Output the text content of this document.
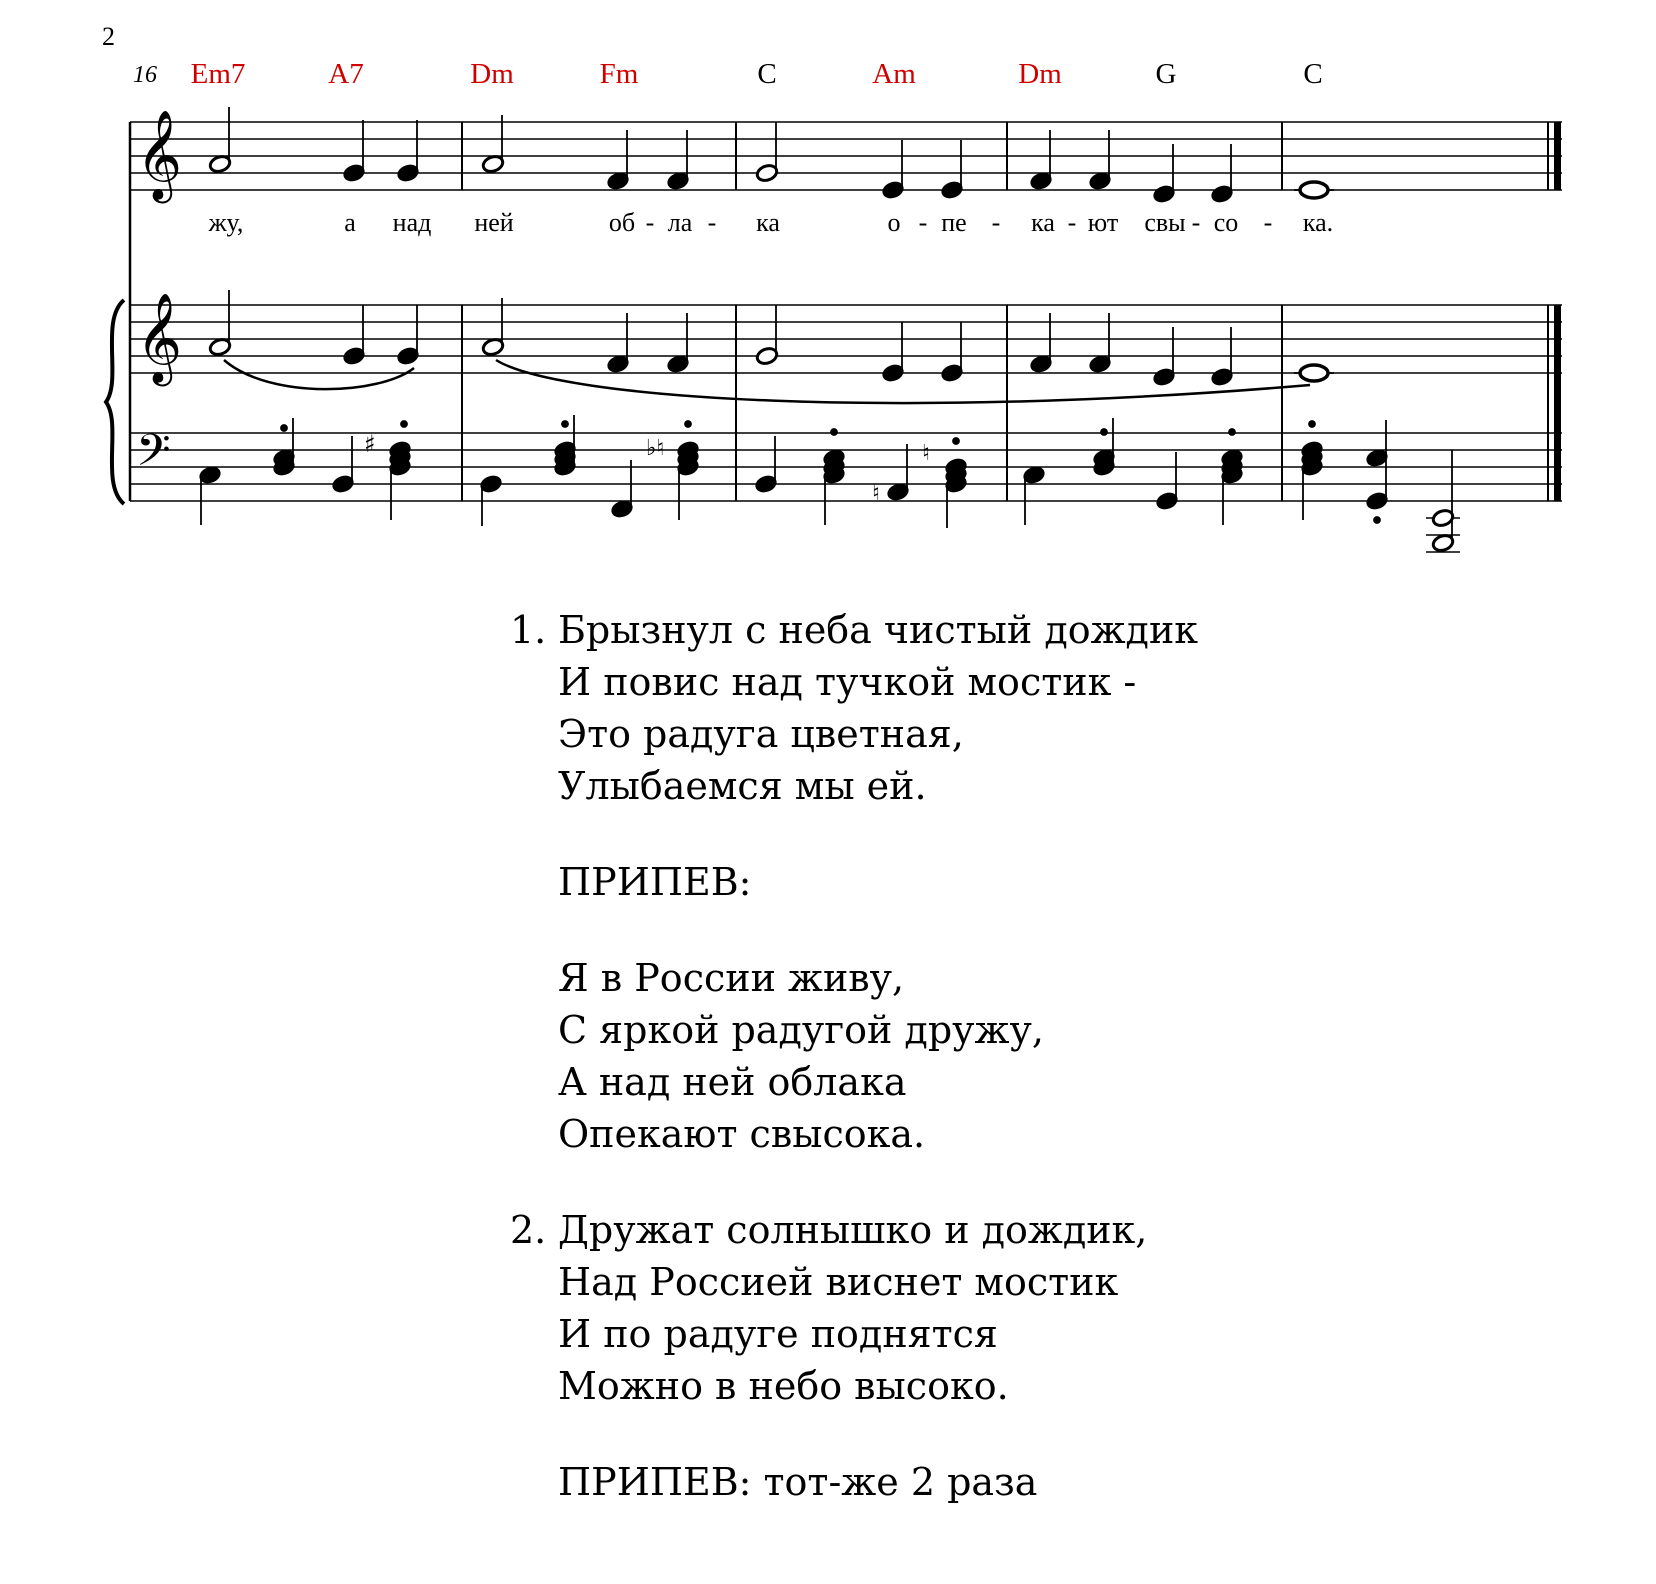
2
16 Em7	A7	Dm	Fm	C	Am	Dm	G	C
𝄞
𝄞
𝄢	♯	♭♮
♮
♮
жу,	а над ней	об - ла - ка	о - пе - ка - ют свы - со - ка.
1. Брызнул с неба чистый дождик
И повис над тучкой мостик -
Это радуга цветная,
Улыбаемся мы ей.
ПРИПЕВ:
Я в России живу,
С яркой радугой дружу,
А над ней облака
Опекают свысока.
2. Дружат солнышко и дождик,
Над Россией виснет мостик
И по радуге поднятся
Можно в небо высоко.
ПРИПЕВ: тот-же 2 раза
